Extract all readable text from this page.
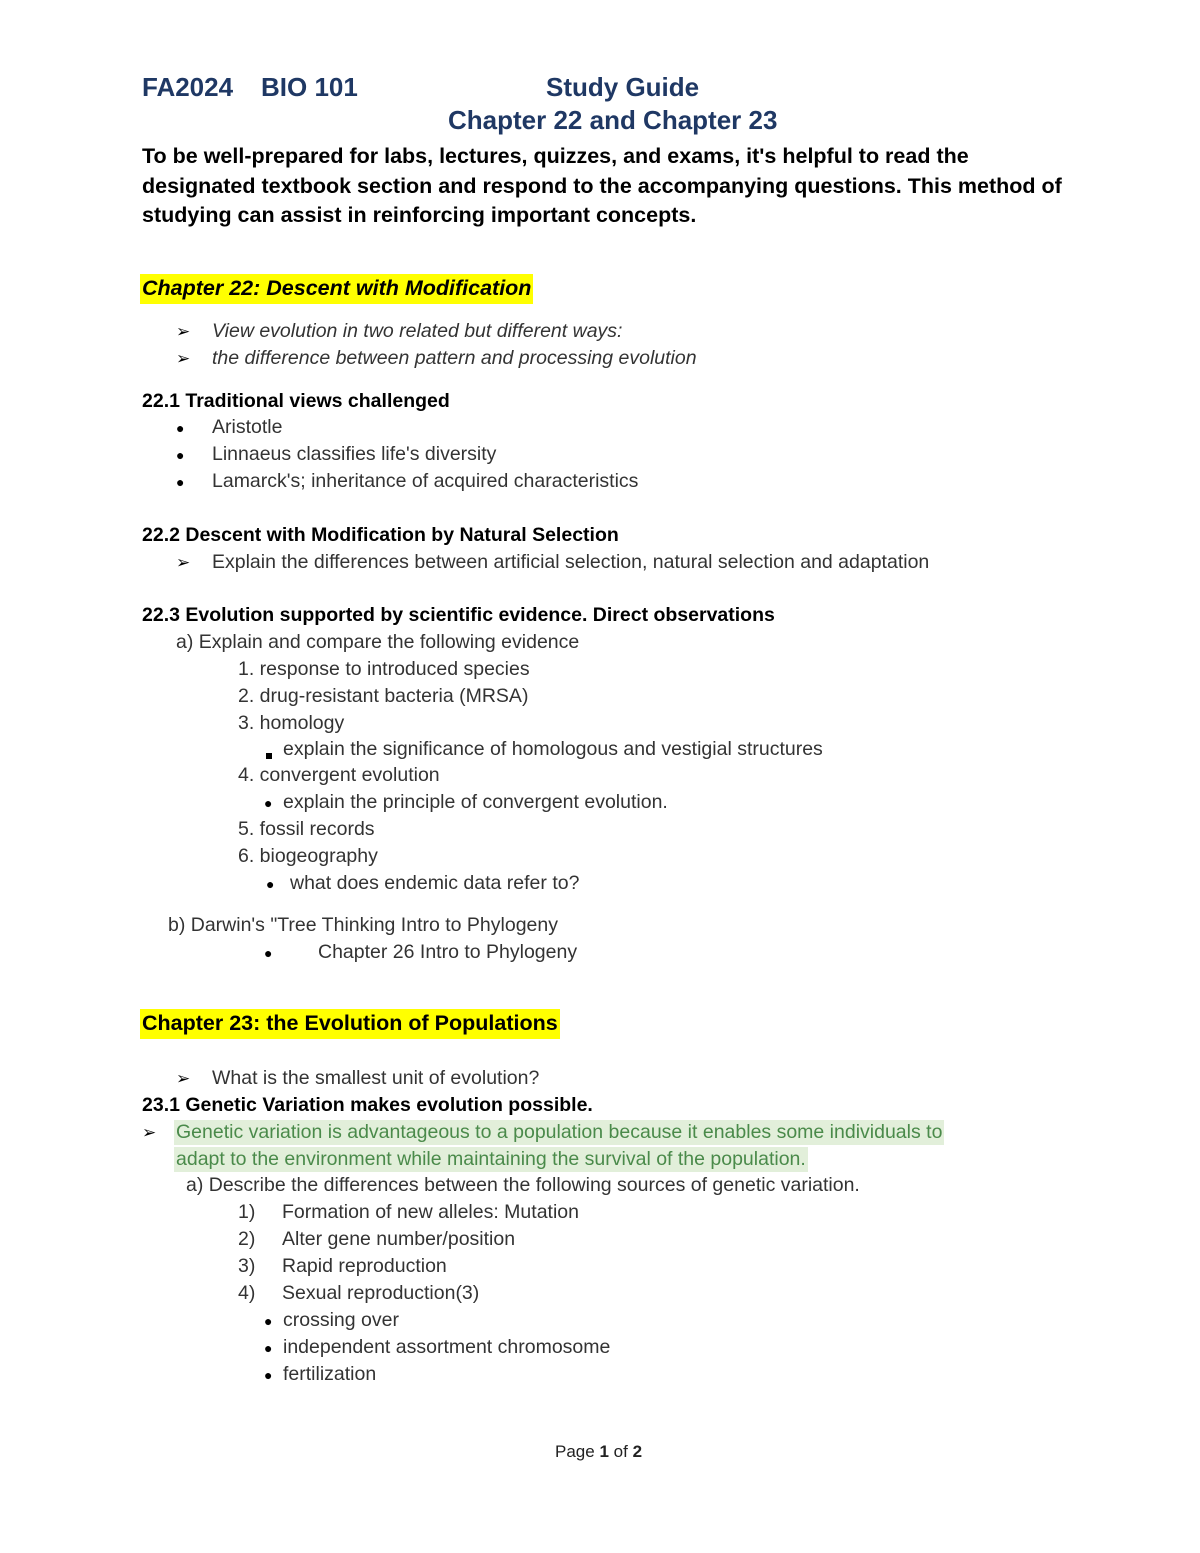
FA2024 BIO 101	Study Guide
Chapter 22 and Chapter 23
To be well-prepared for labs, lectures, quizzes, and exams, it's helpful to read the designated textbook section and respond to the accompanying questions. This method of studying can assist in reinforcing important concepts.
Chapter 22: Descent with Modification
➢ View evolution in two related but different ways:
➢ the difference between pattern and processing evolution
22.1 Traditional views challenged
● Aristotle
● Linnaeus classifies life's diversity
● Lamarck's; inheritance of acquired characteristics
22.2 Descent with Modification by Natural Selection
➢ Explain the differences between artificial selection, natural selection and adaptation
22.3 Evolution supported by scientific evidence. Direct observations
a) Explain and compare the following evidence
1. response to introduced species
2. drug-resistant bacteria (MRSA)
3. homology
explain the significance of homologous and vestigial structures
4. convergent evolution
● explain the principle of convergent evolution.
5. fossil records
6. biogeography
● what does endemic data refer to?
b) Darwin's "Tree Thinking Intro to Phylogeny
● Chapter 26 Intro to Phylogeny
Chapter 23: the Evolution of Populations
➢ What is the smallest unit of evolution?
23.1 Genetic Variation makes evolution possible.
➢ Genetic variation is advantageous to a population because it enables some individuals to
adapt to the environment while maintaining the survival of the population.
a) Describe the differences between the following sources of genetic variation.
1) Formation of new alleles: Mutation
2) Alter gene number/position
3) Rapid reproduction
4) Sexual reproduction(3)
● crossing over
● independent assortment chromosome
● fertilization
Page 1 of 2
